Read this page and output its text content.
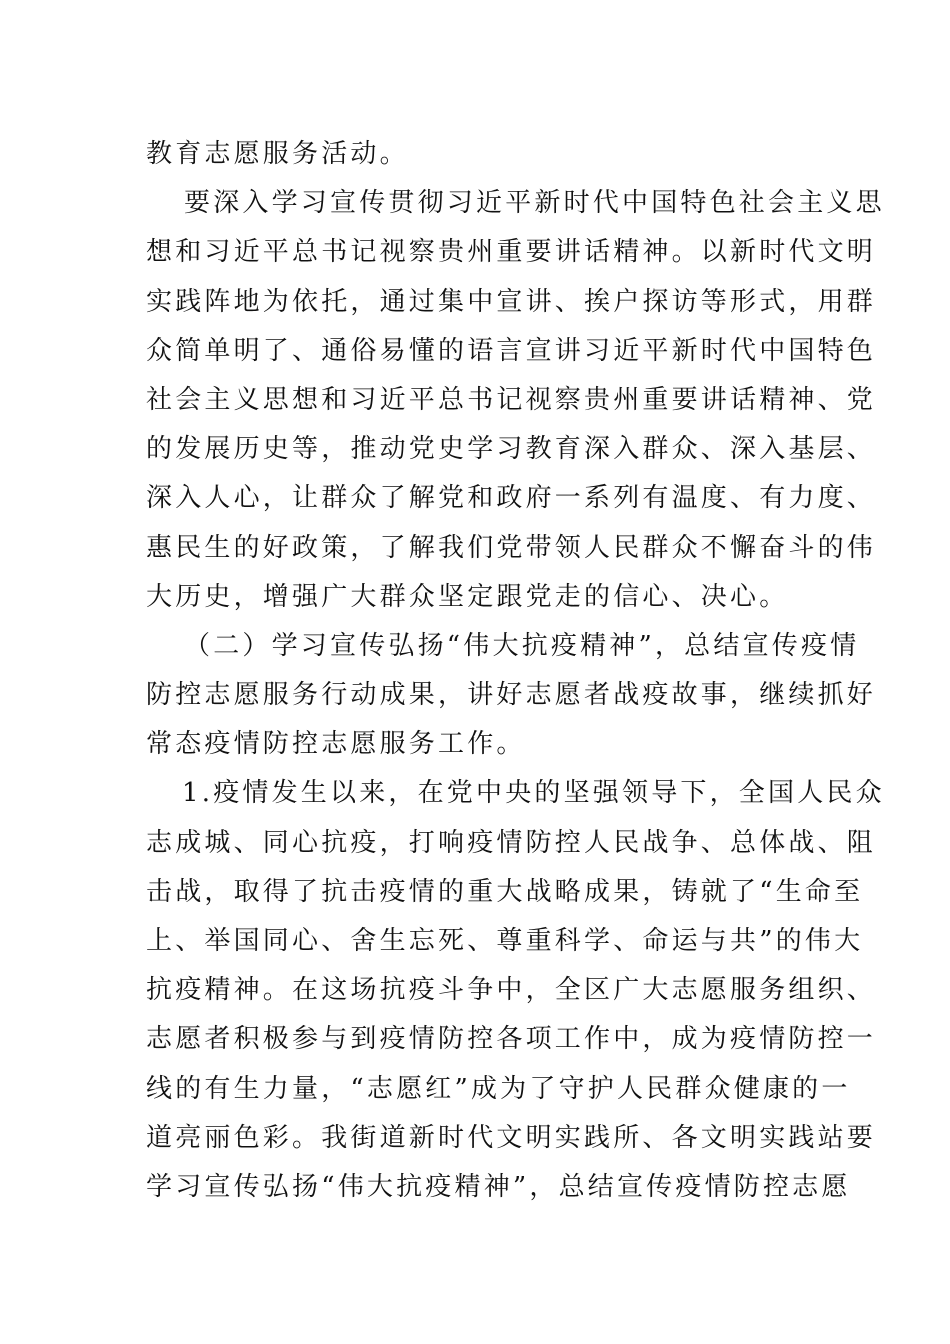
教育志愿服务活动。
要深入学习宣传贯彻习近平新时代中国特色社会主义思
想和习近平总书记视察贵州重要讲话精神。以新时代文明
实践阵地为依托，通过集中宣讲、挨户探访等形式，用群
众简单明了、通俗易懂的语言宣讲习近平新时代中国特色
社会主义思想和习近平总书记视察贵州重要讲话精神、党
的发展历史等，推动党史学习教育深入群众、深入基层、
深入人心，让群众了解党和政府一系列有温度、有力度、
惠民生的好政策，了解我们党带领人民群众不懈奋斗的伟
大历史，增强广大群众坚定跟党走的信心、决心。
（二）学习宣传弘扬“伟大抗疫精神”，总结宣传疫情
防控志愿服务行动成果，讲好志愿者战疫故事，继续抓好
常态疫情防控志愿服务工作。
1.疫情发生以来，在党中央的坚强领导下，全国人民众
志成城、同心抗疫，打响疫情防控人民战争、总体战、阻
击战，取得了抗击疫情的重大战略成果，铸就了“生命至
上、举国同心、舍生忘死、尊重科学、命运与共”的伟大
抗疫精神。在这场抗疫斗争中，全区广大志愿服务组织、
志愿者积极参与到疫情防控各项工作中，成为疫情防控一
线的有生力量，“志愿红”成为了守护人民群众健康的一
道亮丽色彩。我街道新时代文明实践所、各文明实践站要
学习宣传弘扬“伟大抗疫精神”，总结宣传疫情防控志愿
